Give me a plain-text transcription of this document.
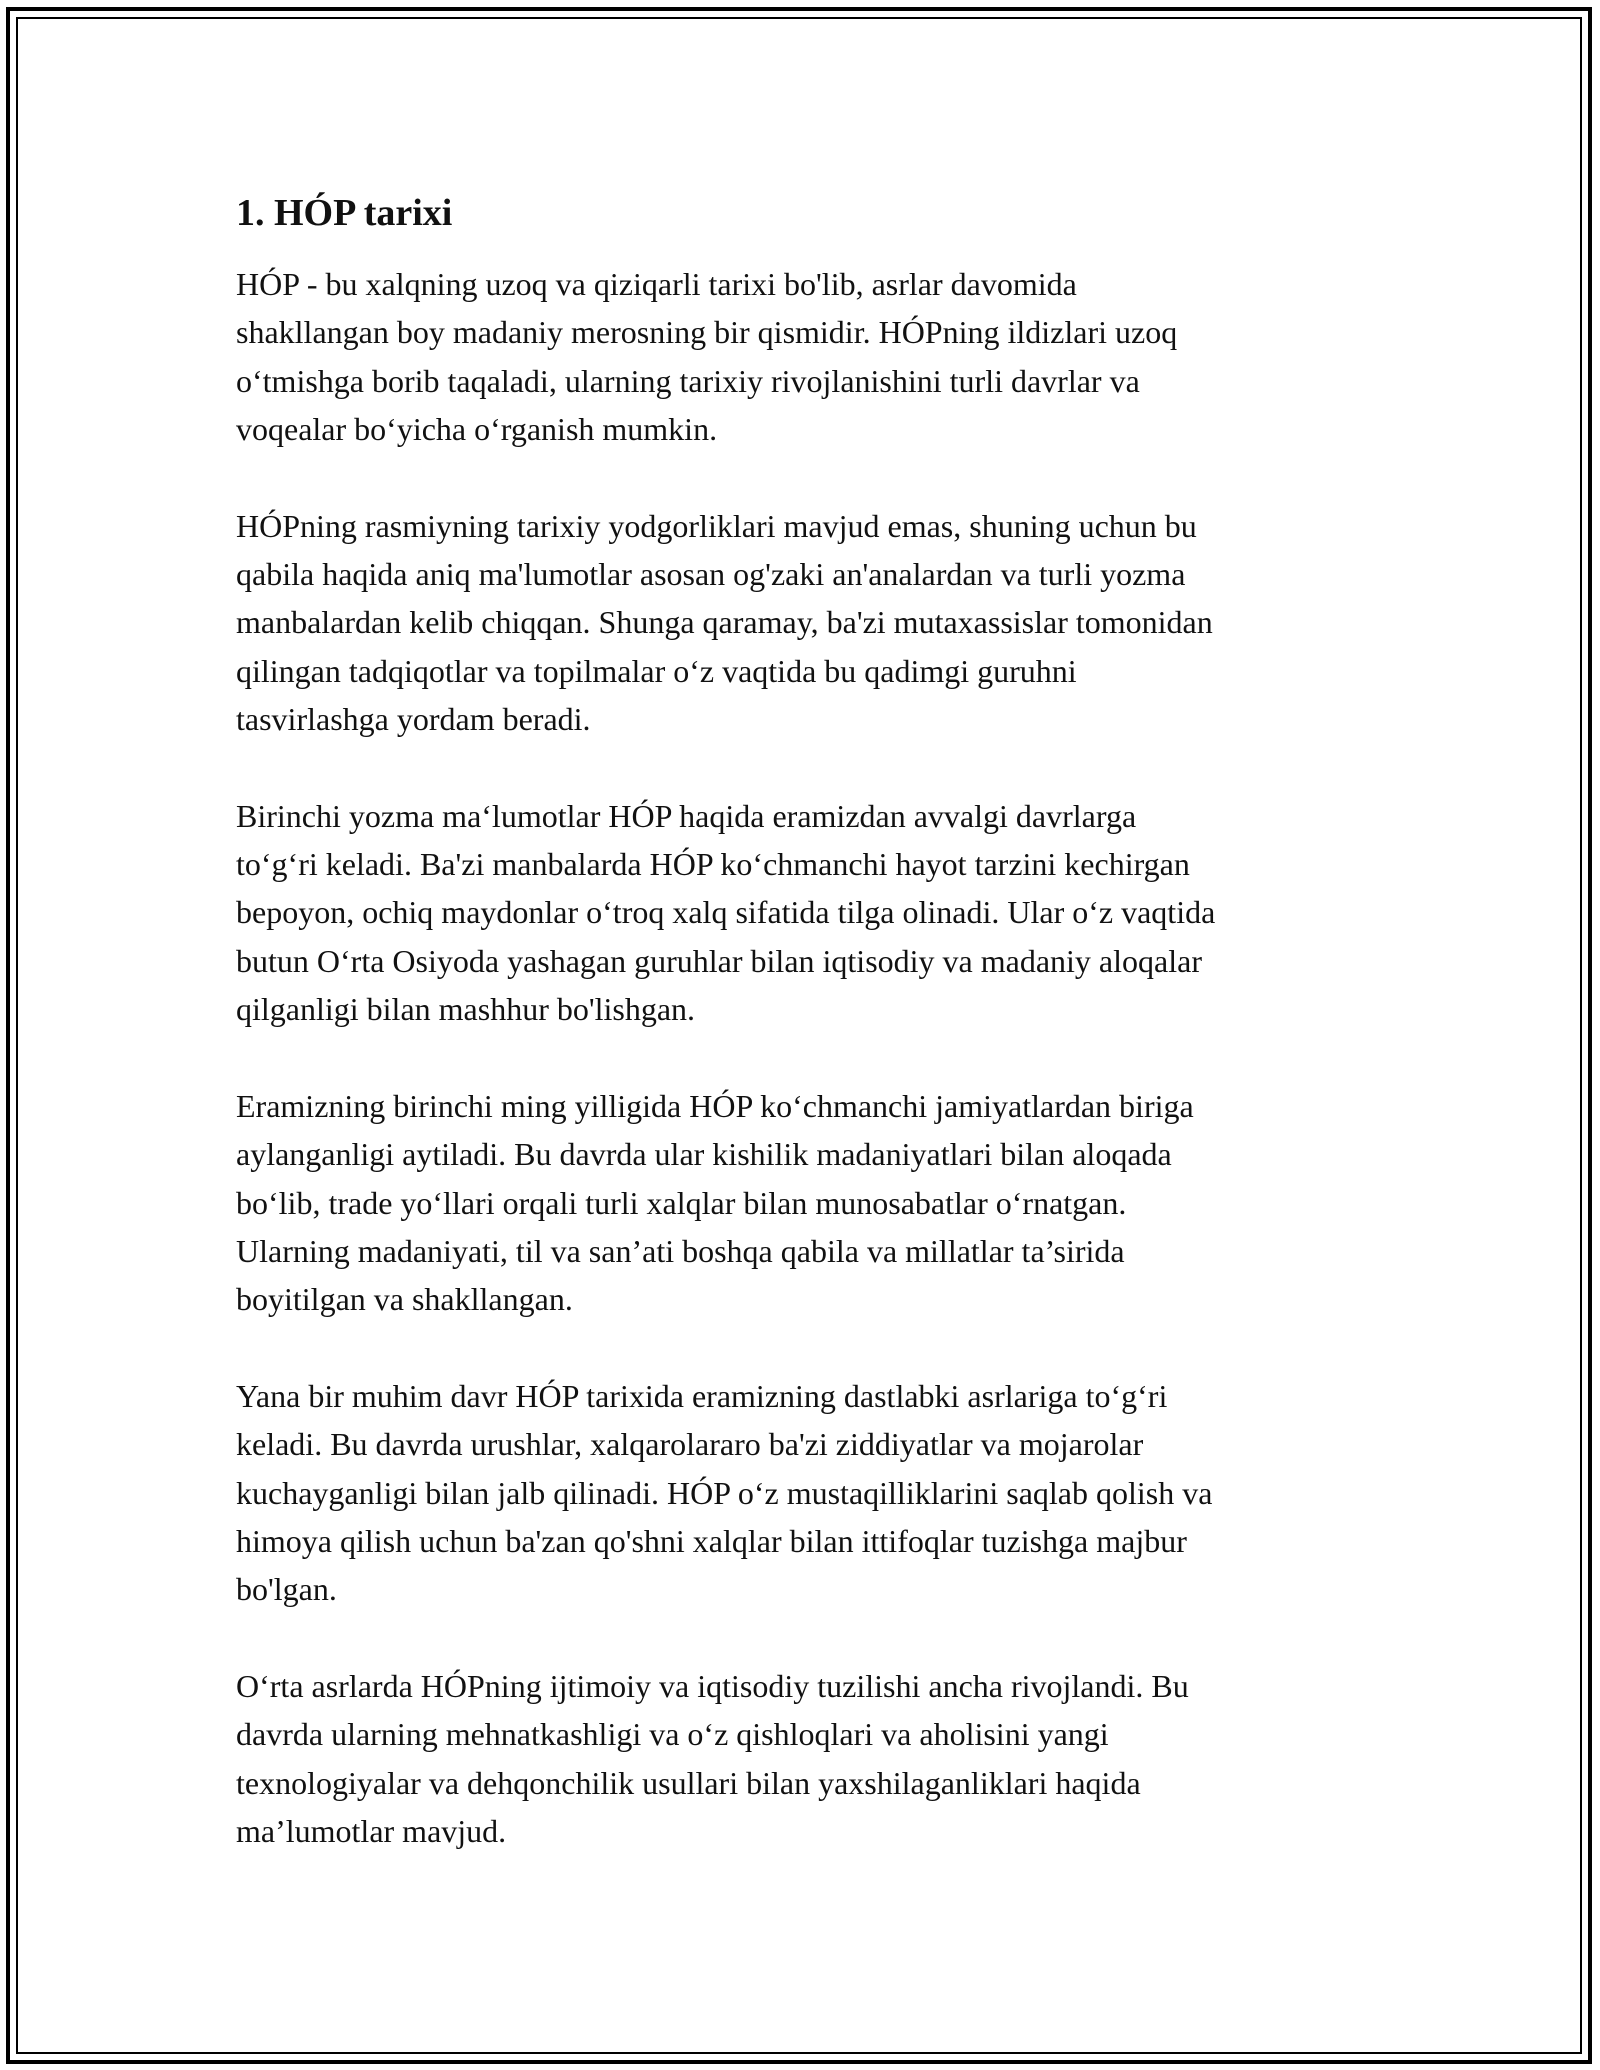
1. HÓP tarixi

HÓP - bu xalqning uzoq va qiziqarli tarixi bo'lib, asrlar davomida
shakllangan boy madaniy merosning bir qismidir. HÓPning ildizlari uzoq
o‘tmishga borib taqaladi, ularning tarixiy rivojlanishini turli davrlar va
voqealar bo‘yicha o‘rganish mumkin.

HÓPning rasmiyning tarixiy yodgorliklari mavjud emas, shuning uchun bu
qabila haqida aniq ma'lumotlar asosan og'zaki an'analardan va turli yozma
manbalardan kelib chiqqan. Shunga qaramay, ba'zi mutaxassislar tomonidan
qilingan tadqiqotlar va topilmalar o‘z vaqtida bu qadimgi guruhni
tasvirlashga yordam beradi.

Birinchi yozma ma‘lumotlar HÓP haqida eramizdan avvalgi davrlarga
to‘g‘ri keladi. Ba'zi manbalarda HÓP ko‘chmanchi hayot tarzini kechirgan
bepoyon, ochiq maydonlar o‘troq xalq sifatida tilga olinadi. Ular o‘z vaqtida
butun O‘rta Osiyoda yashagan guruhlar bilan iqtisodiy va madaniy aloqalar
qilganligi bilan mashhur bo'lishgan.

Eramizning birinchi ming yilligida HÓP ko‘chmanchi jamiyatlardan biriga
aylanganligi aytiladi. Bu davrda ular kishilik madaniyatlari bilan aloqada
bo‘lib, trade yo‘llari orqali turli xalqlar bilan munosabatlar o‘rnatgan.
Ularning madaniyati, til va san’ati boshqa qabila va millatlar ta’sirida
boyitilgan va shakllangan.

Yana bir muhim davr HÓP tarixida eramizning dastlabki asrlariga to‘g‘ri
keladi. Bu davrda urushlar, xalqarolararo ba'zi ziddiyatlar va mojarolar
kuchayganligi bilan jalb qilinadi. HÓP o‘z mustaqilliklarini saqlab qolish va
himoya qilish uchun ba'zan qo'shni xalqlar bilan ittifoqlar tuzishga majbur
bo'lgan.

O‘rta asrlarda HÓPning ijtimoiy va iqtisodiy tuzilishi ancha rivojlandi. Bu
davrda ularning mehnatkashligi va o‘z qishloqlari va aholisini yangi
texnologiyalar va dehqonchilik usullari bilan yaxshilaganliklari haqida
ma’lumotlar mavjud.
